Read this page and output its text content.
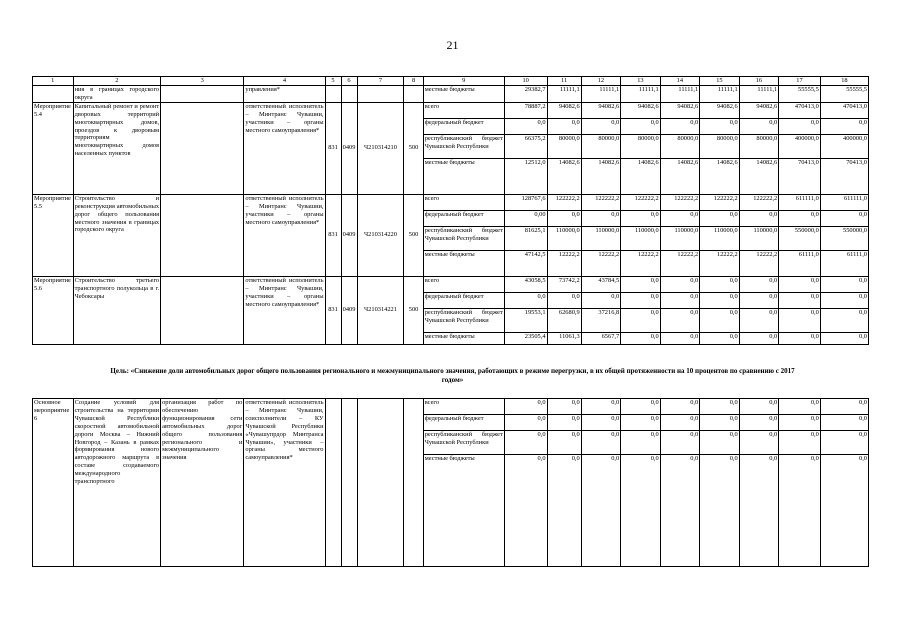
21
1	2	3	4	5	6	7	8	9	10	11	12	13	14	15	16	17	18
	ния в границах городского округа		управления*					местные бюджеты	29382,7	11111,1	11111,1	11111,1	11111,1	11111,1	11111,1	55555,5	55555,5
Мероприятие 5.4	Капитальный ремонт и ремонт дворовых территорий многоквартирных домов, проездов к дворовым территориям многоквартирных домов населенных пунктов		ответственный исполнитель – Минтранс Чувашии, участники – органы местного самоуправления*	831	0409	Ч210314210	500	всего	78887,2	94082,6	94082,6	94082,6	94082,6	94082,6	94082,6	470413,0	470413,0
								федеральный бюджет	0,0	0,0	0,0	0,0	0,0	0,0	0,0	0,0	0,0
								республиканский бюджет Чувашской Республики	66375,2	80000,0	80000,0	80000,0	80000,0	80000,0	80000,0	400000,0	400000,0
								местные бюджеты	12512,0	14082,6	14082,6	14082,6	14082,6	14082,6	14082,6	70413,0	70413,0
Мероприятие 5.5	Строительство и реконструкция автомобильных дорог общего пользования местного значения в границах городского округа		ответственный исполнитель – Минтранс Чувашии, участники – органы местного самоуправления*	831	0409	Ч210314220	500	всего	128767,6	122222,2	122222,2	122222,2	122222,2	122222,2	122222,2	611111,0	611111,0
								федеральный бюджет	0,00	0,0	0,0	0,0	0,0	0,0	0,0	0,0	0,0
								республиканский бюджет Чувашской Республики	81625,1	110000,0	110000,0	110000,0	110000,0	110000,0	110000,0	550000,0	550000,0
								местные бюджеты	47142,5	12222,2	12222,2	12222,2	12222,2	12222,2	12222,2	61111,0	61111,0
Мероприятие 5.6	Строительство третьего транспортного полукольца в г. Чебоксары		ответственный исполнитель – Минтранс Чувашии, участники – органы местного самоуправления*	831	0409	Ч210314221	500	всего	43058,5	73742,2	43784,5	0,0	0,0	0,0	0,0	0,0	0,0
								федеральный бюджет	0,0	0,0	0,0	0,0	0,0	0,0	0,0	0,0	0,0
								республиканский бюджет Чувашской Республики	19553,1	62680,9	37216,8	0,0	0,0	0,0	0,0	0,0	0,0
								местные бюджеты	23505,4	11061,3	6567,7	0,0	0,0	0,0	0,0	0,0	0,0
Цель: «Снижение доли автомобильных дорог общего пользования регионального и межмуниципального значения, работающих в режиме перегрузки, в их общей протяженности на 10 процентов по сравнению с 2017 годом»
Основное мероприятие 6	Создание условий для строительства на территории Чувашской Республики скоростной автомобильной дороги Москва – Нижний Новгород – Казань в рамках формирования нового автодорожного маршрута в составе создаваемого международного транспортного	организация работ по обеспечению функционирования сети автомобильных дорог общего пользования регионального и межмуниципального значения	ответственный исполнитель – Минтранс Чувашии, соисполнители – КУ Чувашской Республики «Чувашупрдор Минтранса Чувашии», участники – органы местного самоуправления*					всего	0,0	0,0	0,0	0,0	0,0	0,0	0,0	0,0	0,0
								федеральный бюджет	0,0	0,0	0,0	0,0	0,0	0,0	0,0	0,0	0,0
								республиканский бюджет Чувашской Республики	0,0	0,0	0,0	0,0	0,0	0,0	0,0	0,0	0,0
								местные бюджеты	0,0	0,0	0,0	0,0	0,0	0,0	0,0	0,0	0,0
